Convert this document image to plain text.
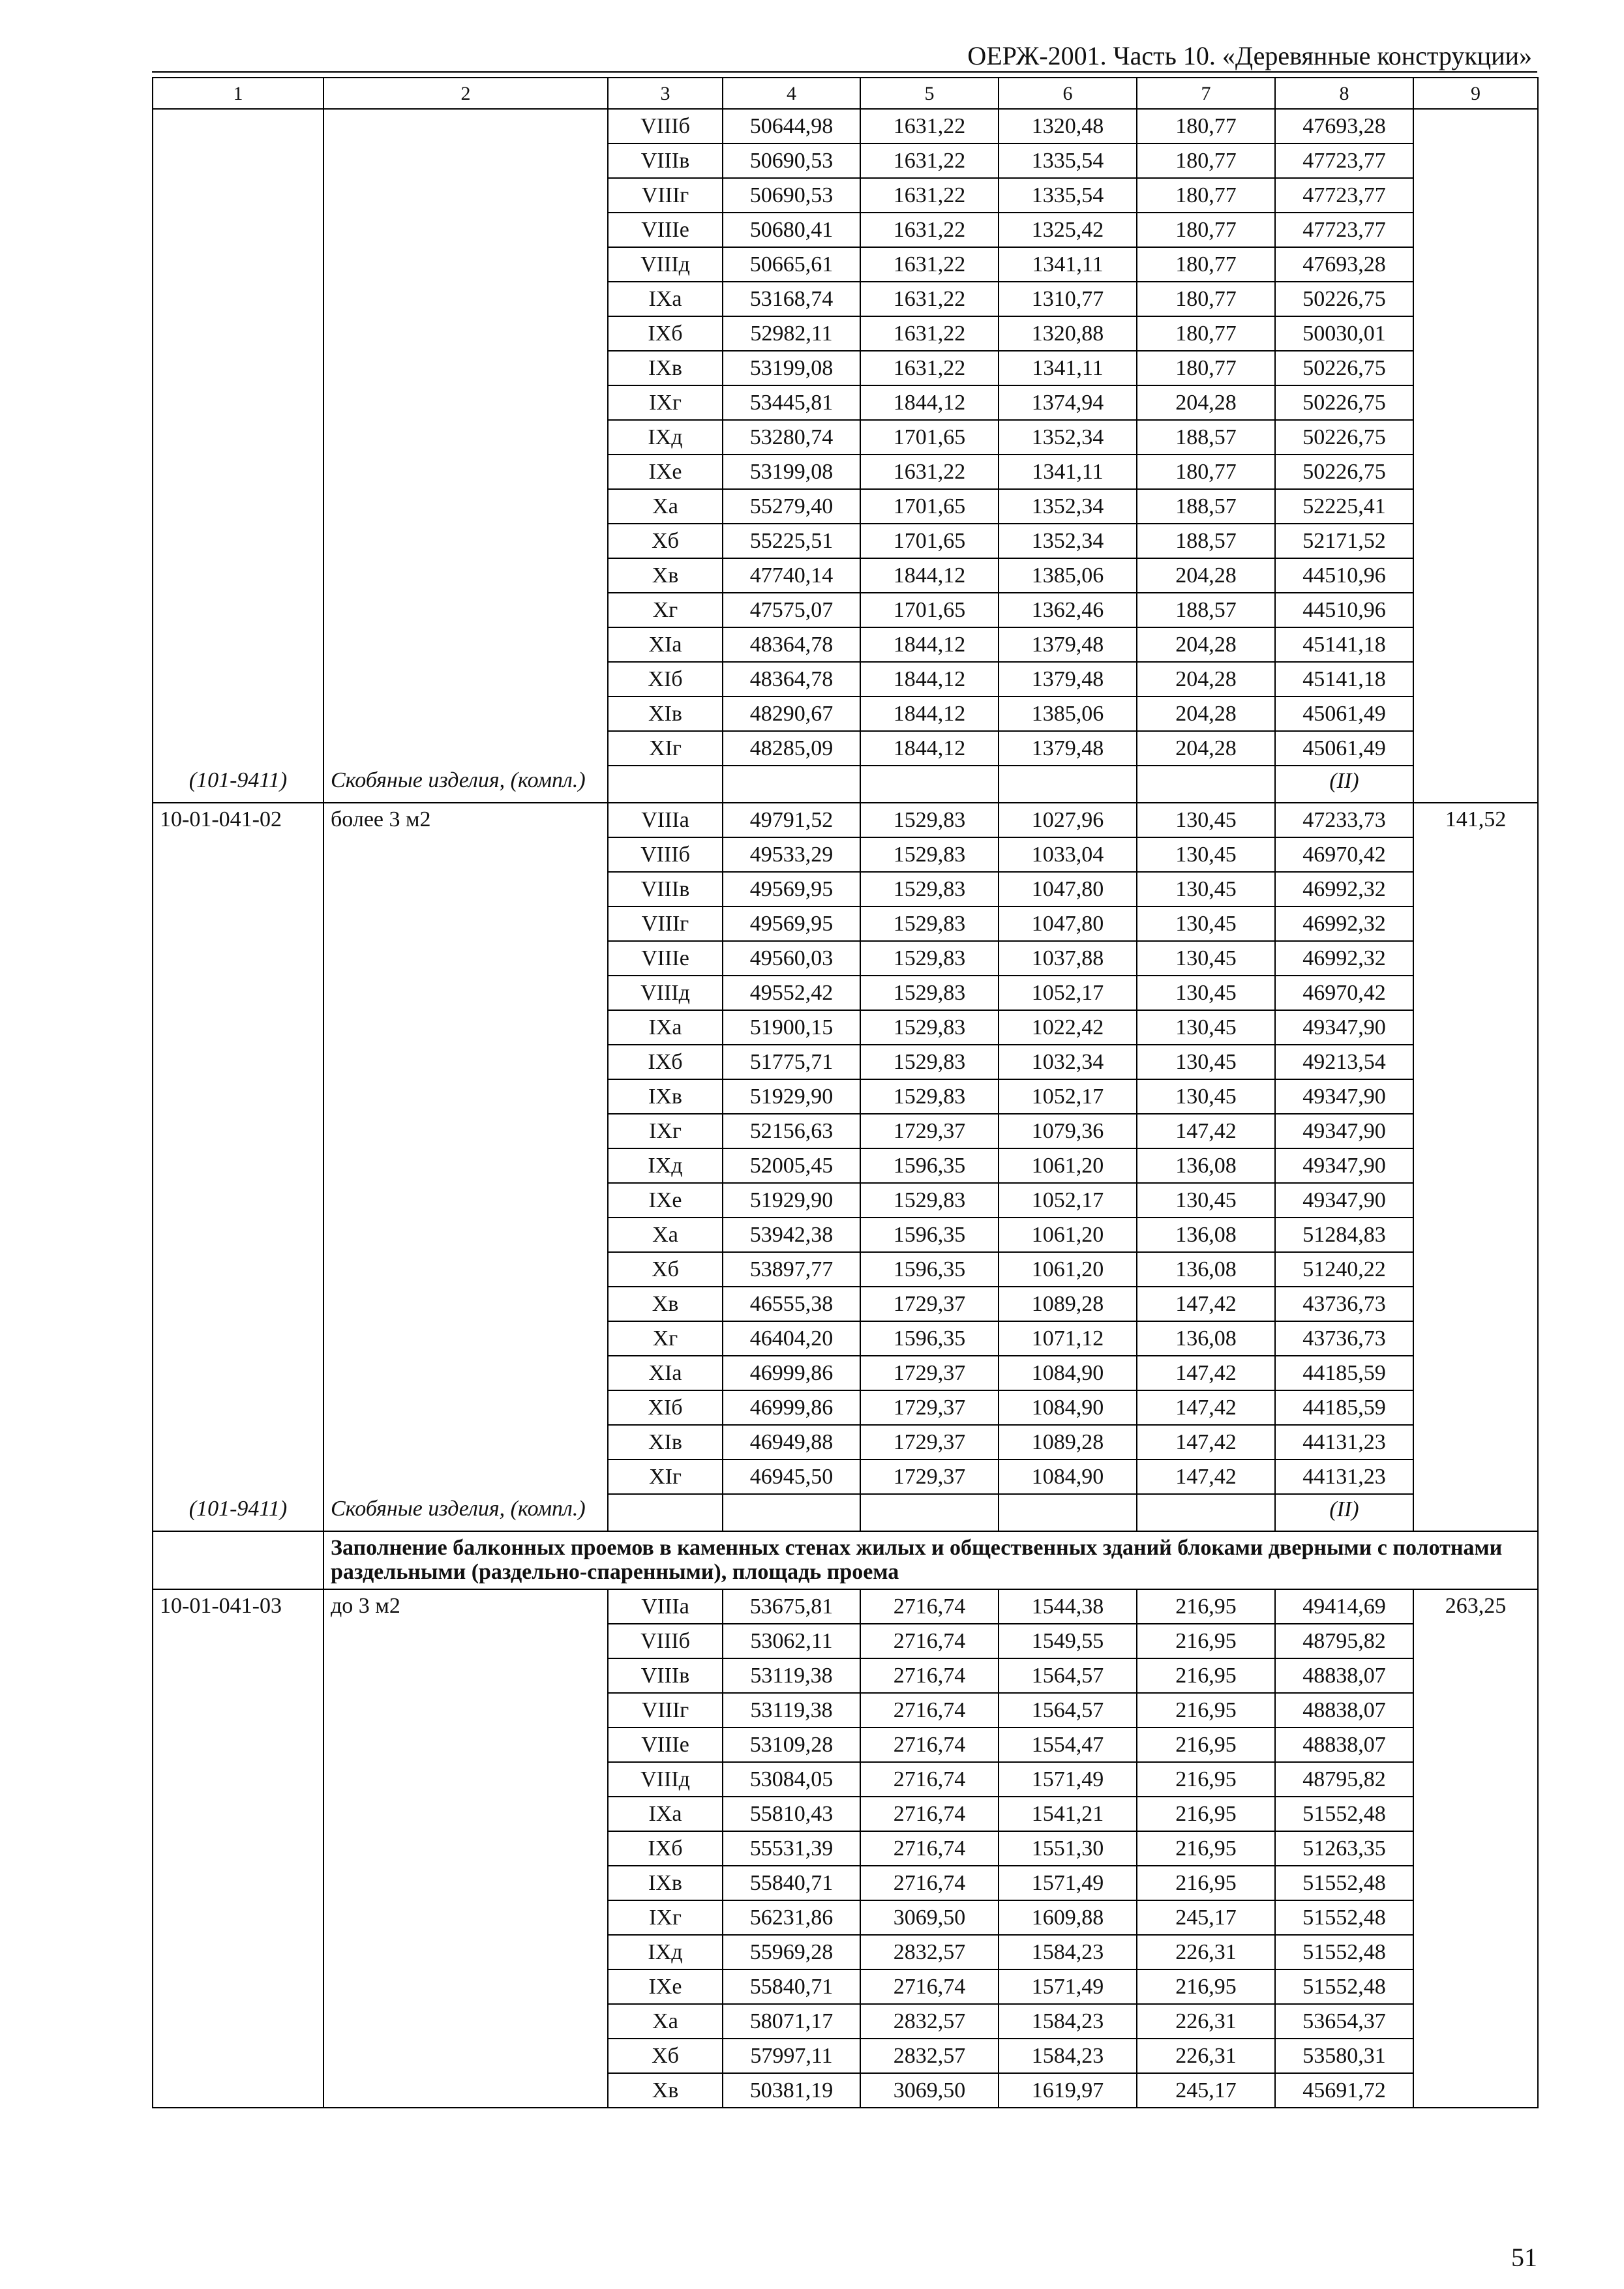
ОЕРЖ-2001. Часть 10. «Деревянные конструкции»
1	2	3	4	5	6	7	8	9
		VIIIб	50644,98	1631,22	1320,48	180,77	47693,28	
		VIIIв	50690,53	1631,22	1335,54	180,77	47723,77	
		VIIIг	50690,53	1631,22	1335,54	180,77	47723,77	
		VIIIе	50680,41	1631,22	1325,42	180,77	47723,77	
		VIIIд	50665,61	1631,22	1341,11	180,77	47693,28	
		IXа	53168,74	1631,22	1310,77	180,77	50226,75	
		IXб	52982,11	1631,22	1320,88	180,77	50030,01	
		IXв	53199,08	1631,22	1341,11	180,77	50226,75	
		IXг	53445,81	1844,12	1374,94	204,28	50226,75	
		IXд	53280,74	1701,65	1352,34	188,57	50226,75	
		IXе	53199,08	1631,22	1341,11	180,77	50226,75	
		Xа	55279,40	1701,65	1352,34	188,57	52225,41	
		Xб	55225,51	1701,65	1352,34	188,57	52171,52	
		Xв	47740,14	1844,12	1385,06	204,28	44510,96	
		Xг	47575,07	1701,65	1362,46	188,57	44510,96	
		XIа	48364,78	1844,12	1379,48	204,28	45141,18	
		XIб	48364,78	1844,12	1379,48	204,28	45141,18	
		XIв	48290,67	1844,12	1385,06	204,28	45061,49	
		XIг	48285,09	1844,12	1379,48	204,28	45061,49	
(101-9411)	Скобяные изделия, (компл.)						(II)	
10-01-041-02	более 3 м2	VIIIа	49791,52	1529,83	1027,96	130,45	47233,73	141,52
		VIIIб	49533,29	1529,83	1033,04	130,45	46970,42	
		VIIIв	49569,95	1529,83	1047,80	130,45	46992,32	
		VIIIг	49569,95	1529,83	1047,80	130,45	46992,32	
		VIIIе	49560,03	1529,83	1037,88	130,45	46992,32	
		VIIIд	49552,42	1529,83	1052,17	130,45	46970,42	
		IXа	51900,15	1529,83	1022,42	130,45	49347,90	
		IXб	51775,71	1529,83	1032,34	130,45	49213,54	
		IXв	51929,90	1529,83	1052,17	130,45	49347,90	
		IXг	52156,63	1729,37	1079,36	147,42	49347,90	
		IXд	52005,45	1596,35	1061,20	136,08	49347,90	
		IXе	51929,90	1529,83	1052,17	130,45	49347,90	
		Xа	53942,38	1596,35	1061,20	136,08	51284,83	
		Xб	53897,77	1596,35	1061,20	136,08	51240,22	
		Xв	46555,38	1729,37	1089,28	147,42	43736,73	
		Xг	46404,20	1596,35	1071,12	136,08	43736,73	
		XIа	46999,86	1729,37	1084,90	147,42	44185,59	
		XIб	46999,86	1729,37	1084,90	147,42	44185,59	
		XIв	46949,88	1729,37	1089,28	147,42	44131,23	
		XIг	46945,50	1729,37	1084,90	147,42	44131,23	
(101-9411)	Скобяные изделия, (компл.)						(II)	
	Заполнение балконных проемов в каменных стенах жилых и общественных зданий блоками дверными с полотнами раздельными (раздельно-спаренными), площадь проема							
10-01-041-03	до 3 м2	VIIIа	53675,81	2716,74	1544,38	216,95	49414,69	263,25
		VIIIб	53062,11	2716,74	1549,55	216,95	48795,82	
		VIIIв	53119,38	2716,74	1564,57	216,95	48838,07	
		VIIIг	53119,38	2716,74	1564,57	216,95	48838,07	
		VIIIе	53109,28	2716,74	1554,47	216,95	48838,07	
		VIIIд	53084,05	2716,74	1571,49	216,95	48795,82	
		IXа	55810,43	2716,74	1541,21	216,95	51552,48	
		IXб	55531,39	2716,74	1551,30	216,95	51263,35	
		IXв	55840,71	2716,74	1571,49	216,95	51552,48	
		IXг	56231,86	3069,50	1609,88	245,17	51552,48	
		IXд	55969,28	2832,57	1584,23	226,31	51552,48	
		IXе	55840,71	2716,74	1571,49	216,95	51552,48	
		Xа	58071,17	2832,57	1584,23	226,31	53654,37	
		Xб	57997,11	2832,57	1584,23	226,31	53580,31	
		Xв	50381,19	3069,50	1619,97	245,17	45691,72	
51
